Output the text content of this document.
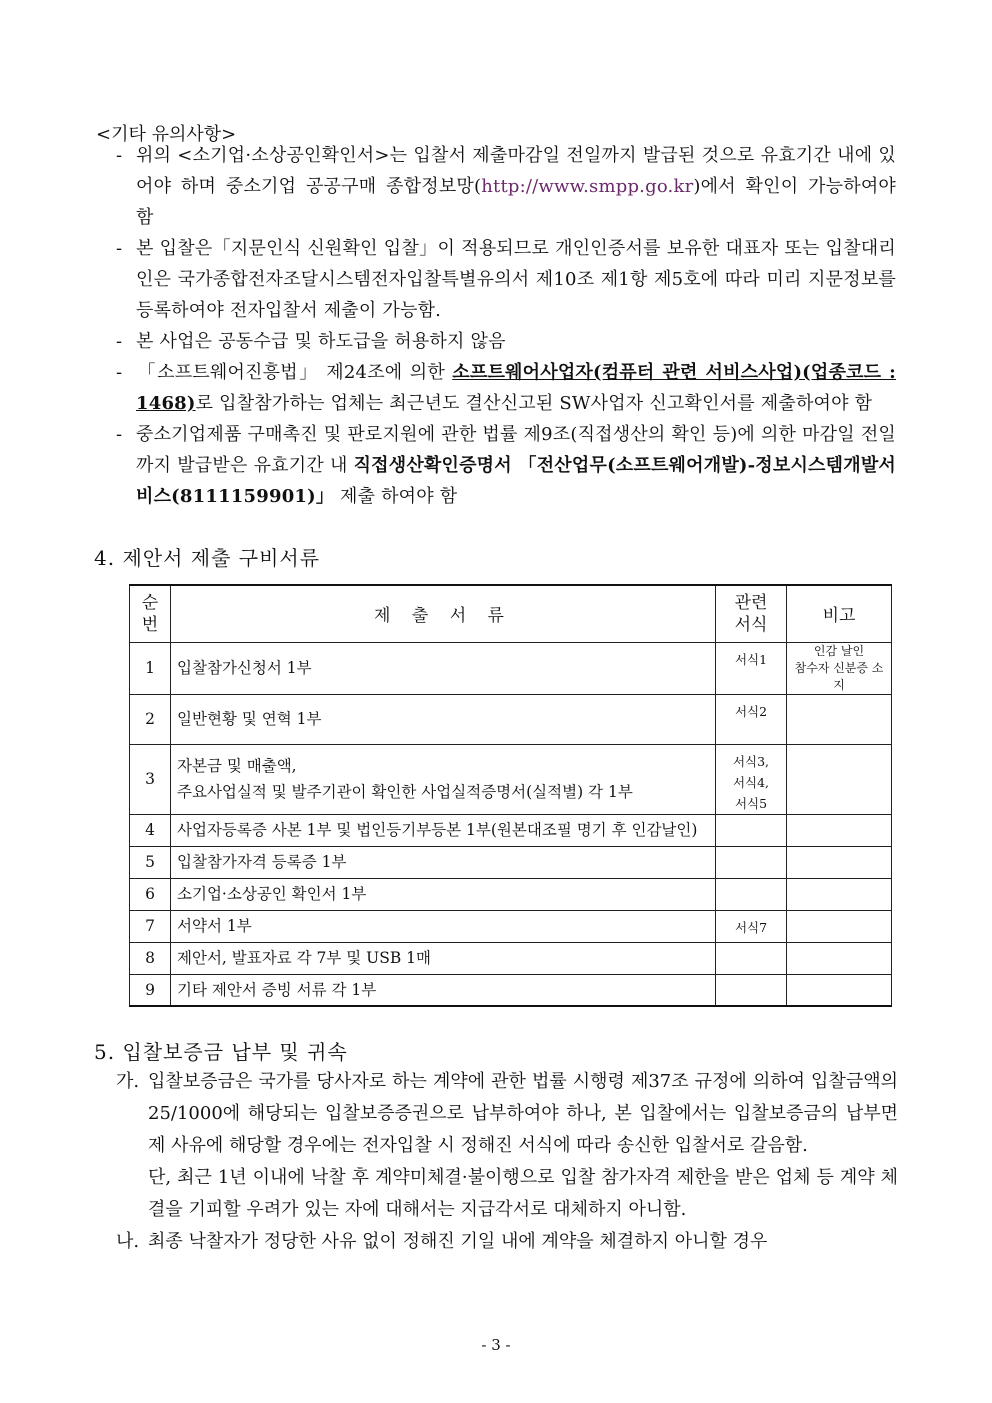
<기타 유의사항>
- 위의 <소기업·소상공인확인서>는 입찰서 제출마감일 전일까지 발급된 것으로 유효기간 내에 있어야 하며 중소기업 공공구매 종합정보망(http://www.smpp.go.kr)에서 확인이 가능하여야 함
- 본 입찰은「지문인식 신원확인 입찰」이 적용되므로 개인인증서를 보유한 대표자 또는 입찰대리인은 국가종합전자조달시스템전자입찰특별유의서 제10조 제1항 제5호에 따라 미리 지문정보를 등록하여야 전자입찰서 제출이 가능함.
- 본 사업은 공동수급 및 하도급을 허용하지 않음
- 「소프트웨어진흥법」 제24조에 의한 소프트웨어사업자(컴퓨터 관련 서비스사업)(업종코드 : 1468)로 입찰참가하는 업체는 최근년도 결산신고된 SW사업자 신고확인서를 제출하여야 함
- 중소기업제품 구매촉진 및 판로지원에 관한 법률 제9조(직접생산의 확인 등)에 의한 마감일 전일까지 발급받은 유효기간 내 직접생산확인증명서 「전산업무(소프트웨어개발)-정보시스템개발서비스(8111159901)」 제출 하여야 함
4. 제안서 제출 구비서류
순번	제 출 서 류	관련서식	비고
1	입찰참가신청서 1부	서식1	인감 날인
참수자 신분증 소지
2	일반현황 및 연혁 1부	서식2	
3	자본금 및 매출액,
주요사업실적 및 발주기관이 확인한 사업실적증명서(실적별) 각 1부	서식3,
서식4,
서식5	
4	사업자등록증 사본 1부 및 법인등기부등본 1부(원본대조필 명기 후 인감날인)		
5	입찰참가자격 등록증 1부		
6	소기업·소상공인 확인서 1부		
7	서약서 1부	서식7	
8	제안서, 발표자료 각 7부 및 USB 1매		
9	기타 제안서 증빙 서류 각 1부		
5. 입찰보증금 납부 및 귀속
가. 입찰보증금은 국가를 당사자로 하는 계약에 관한 법률 시행령 제37조 규정에 의하여 입찰금액의 25/1000에 해당되는 입찰보증증권으로 납부하여야 하나, 본 입찰에서는 입찰보증금의 납부면제 사유에 해당할 경우에는 전자입찰 시 정해진 서식에 따라 송신한 입찰서로 갈음함.
단, 최근 1년 이내에 낙찰 후 계약미체결·불이행으로 입찰 참가자격 제한을 받은 업체 등 계약 체결을 기피할 우려가 있는 자에 대해서는 지급각서로 대체하지 아니함.
나. 최종 낙찰자가 정당한 사유 없이 정해진 기일 내에 계약을 체결하지 아니할 경우
- 3 -
